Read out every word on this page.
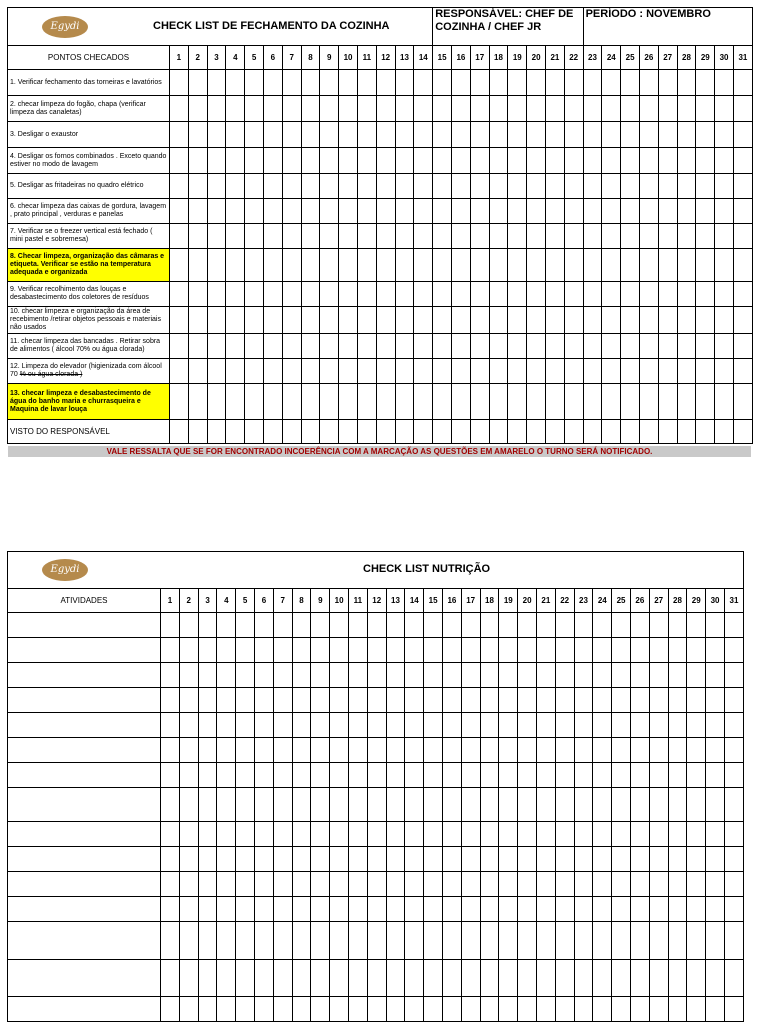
Egydi CHECK LIST DE FECHAMENTO DA COZINHA															RESPONSÁVEL: CHEF DE COZINHA / CHEF JR								PERÍODO : NOVEMBRO								
PONTOS CHECADOS	1	2	3	4	5	6	7	8	9	10	11	12	13	14	15	16	17	18	19	20	21	22	23	24	25	26	27	28	29	30	31
1. Verificar fechamento das torneiras e lavatórios																															
2. checar limpeza do fogão, chapa (verificar limpeza das canaletas)																															
3. Desligar o exaustor																															
4. Desligar os fornos combinados . Exceto quando estiver no modo de lavagem																															
5. Desligar as fritadeiras no quadro elétrico																															
6. checar limpeza das caixas de gordura, lavagem , prato principal , verduras e panelas																															
7. Verificar se o freezer vertical está fechado ( mini pastel e sobremesa)																															
8. Checar limpeza, organização das câmaras e etiqueta. Verificar se estão na temperatura adequada e organizada																															
9. Verificar recolhimento das louças e desabastecimento dos coletores de resíduos																															
10. checar limpeza e organização da área de recebimento /retirar objetos pessoais e materiais não usados																															
11. checar limpeza das bancadas . Retirar sobra de alimentos ( álcool 70% ou água clorada)																															
12. Limpeza do elevador (higienizada com álcool 70 % ou água clorada )																															
13. checar limpeza e desabastecimento de água do banho maria e churrasqueira e Maquina de lavar louça																															
VISTO DO RESPONSÁVEL																															
VALE RESSALTA QUE SE FOR ENCONTRADO INCOERÊNCIA COM A MARCAÇÃO AS QUESTÕES EM AMARELO O TURNO SERÁ NOTIFICADO.
Egydi CHECK LIST NUTRIÇÃO																															

ATIVIDADES	1	2	3	4	5	6	7	8	9	10	11	12	13	14	15	16	17	18	19	20	21	22	23	24	25	26	27	28	29	30	31
